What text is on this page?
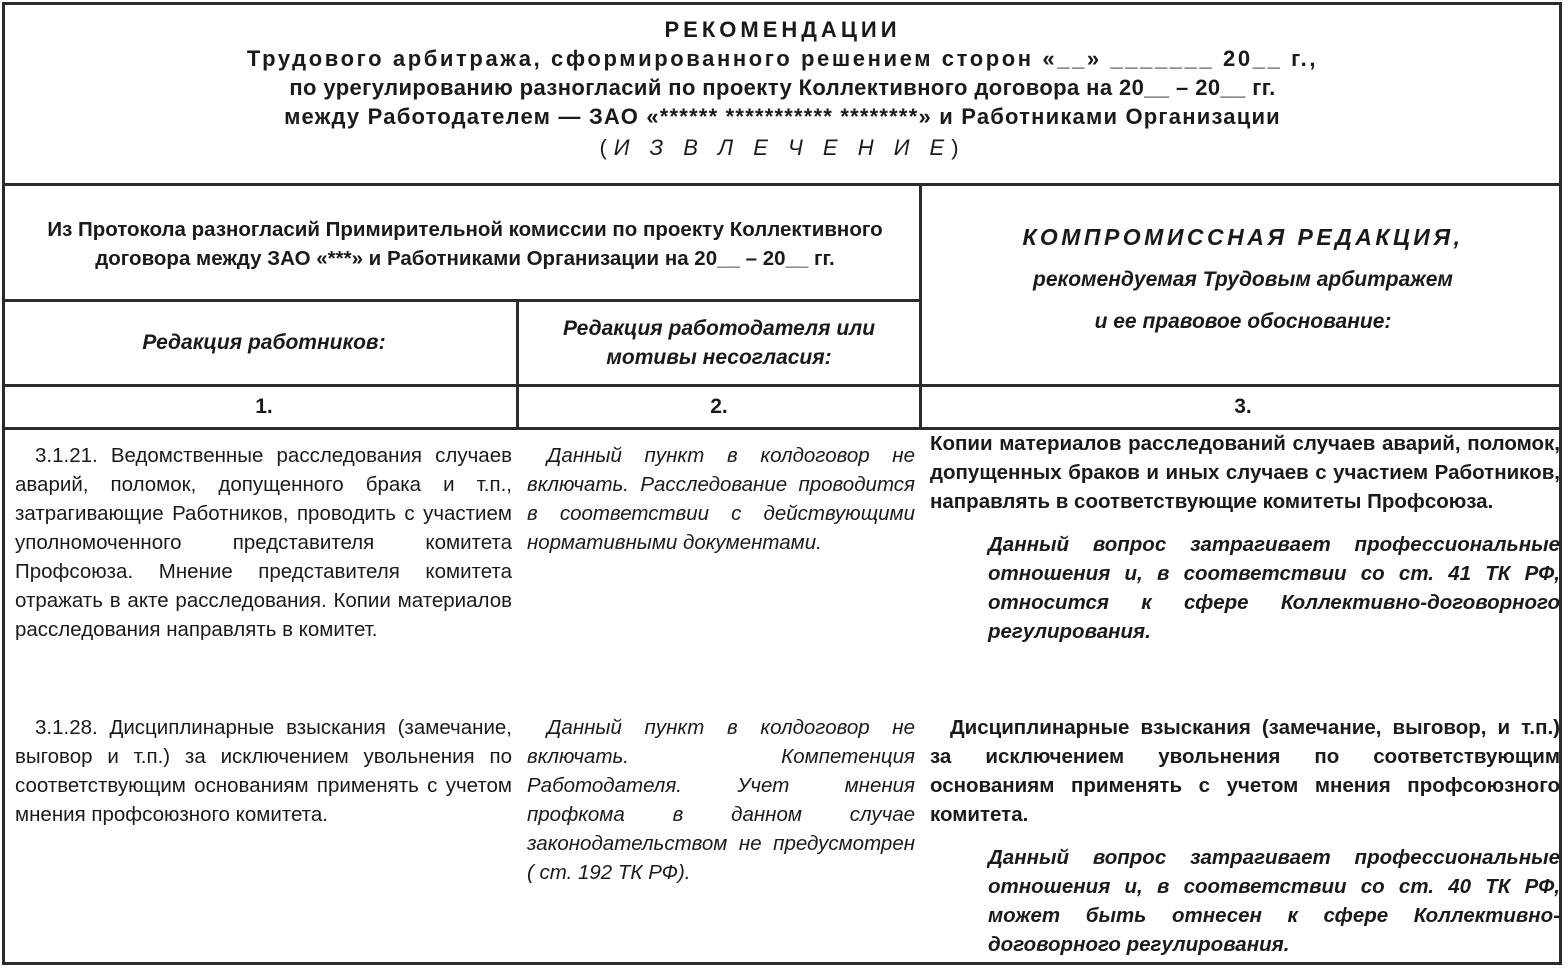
РЕКОМЕНДАЦИИ
Трудового арбитража, сформированного решением сторон «__» _______ 20__ г.,
по урегулированию разногласий по проекту Коллективного договора на 20__ – 20__ гг.
между Работодателем — ЗАО «****** *********** ********» и Работниками Организации
(И З В Л Е Ч Е Н И Е)
Из Протокола разногласий Примирительной комиссии по проекту Коллективного договора между ЗАО «***» и Работниками Организации на 20__ – 20__ гг.
КОМПРОМИССНАЯ РЕДАКЦИЯ,
рекомендуемая Трудовым арбитражем
и ее правовое обоснование:
Редакция работников:
Редакция работодателя или мотивы несогласия:
1.	2.	3.

3.1.21. Ведомственные расследования случаев аварий, поломок, допущенного брака и т.п., затрагивающие Работников, проводить с участием уполномоченного представителя комитета Профсоюза. Мнение представителя комитета отражать в акте расследования. Копии материалов расследования направлять в комитет.

Данный пункт в колдоговор не включать. Расследование проводится в соответствии с действующими нормативными документами.

Копии материалов расследований случаев аварий, поломок, допущенных браков и иных случаев с участием Работников, направлять в соответствующие комитеты Профсоюза.

Данный вопрос затрагивает профессиональные отношения и, в соответствии со ст. 41 ТК РФ, относится к сфере Коллективно-договорного регулирования.

3.1.28. Дисциплинарные взыскания (замечание, выговор и т.п.) за исключением увольнения по соответствующим основаниям применять с учетом мнения профсоюзного комитета.

Данный пункт в колдоговор не включать. Компетенция Работодателя. Учет мнения профкома в данном случае законодательством не предусмотрен ( ст. 192 ТК РФ).

Дисциплинарные взыскания (замечание, выговор, и т.п.) за исключением увольнения по соответствующим основаниям применять с учетом мнения профсоюзного комитета.

Данный вопрос затрагивает профессиональные отношения и, в соответствии со ст. 40 ТК РФ, может быть отнесен к сфере Коллективно-договорного регулирования.
